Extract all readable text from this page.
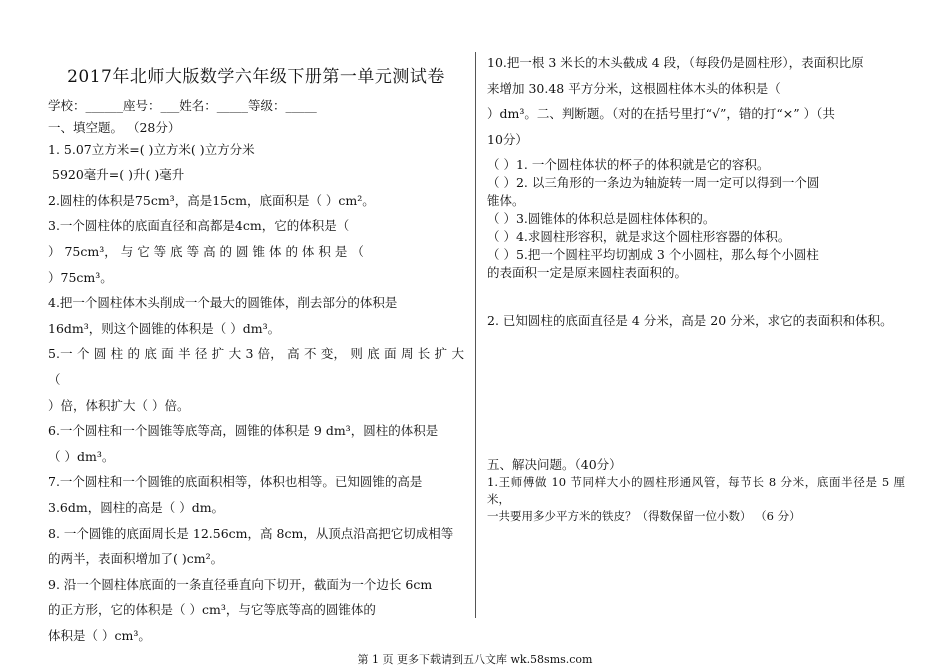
2017年北师大版数学六年级下册第一单元测试卷
学校：______座号：___姓名：_____等级：_____
一、填空题。 （28分）
1. 5.07立方米=( )立方米( )立方分米
5920毫升=( )升( )毫升
2.圆柱的体积是75cm³，高是15cm，底面积是（ ）cm²。
3.一个圆柱体的底面直径和高都是4cm，它的体积是（
） 75cm³， 与 它 等 底 等 高 的 圆 锥 体 的 体 积 是 （
）75cm³。
4.把一个圆柱体木头削成一个最大的圆锥体，削去部分的体积是
16dm³，则这个圆锥的体积是（ ）dm³。
5.一 个 圆 柱 的 底 面 半 径 扩 大 3 倍， 高 不 变， 则 底 面 周 长 扩 大（
）倍，体积扩大（ ）倍。
6.一个圆柱和一个圆锥等底等高，圆锥的体积是 9 dm³，圆柱的体积是
（ ）dm³。
7.一个圆柱和一个圆锥的底面积相等，体积也相等。已知圆锥的高是
3.6dm，圆柱的高是（ ）dm。
8. 一个圆锥的底面周长是 12.56cm，高 8cm，从顶点沿高把它切成相等
的两半，表面积增加了( )cm²。
9. 沿一个圆柱体底面的一条直径垂直向下切开，截面为一个边长 6cm
的正方形，它的体积是（ ）cm³，与它等底等高的圆锥体的
体积是（ ）cm³。
10.把一根 3 米长的木头截成 4 段，（每段仍是圆柱形），表面积比原
来增加 30.48 平方分米，这根圆柱体木头的体积是（
）dm³。二、判断题。（对的在括号里打“√”，错的打“×” ）（共
10分）
（ ）1. 一个圆柱体状的杯子的体积就是它的容积。
（ ）2. 以三角形的一条边为轴旋转一周一定可以得到一个圆
锥体。
（ ）3.圆锥体的体积总是圆柱体体积的。
（ ）4.求圆柱形容积，就是求这个圆柱形容器的体积。
（ ）5.把一个圆柱平均切割成 3 个小圆柱，那么每个小圆柱
的表面积一定是原来圆柱表面积的。
2. 已知圆柱的底面直径是 4 分米，高是 20 分米，求它的表面积和体积。
五、解决问题。（40分）
1.王师傅做 10 节同样大小的圆柱形通风管，每节长 8 分米，底面半径是 5 厘米，
一共要用多少平方米的铁皮？（得数保留一位小数） （6 分）
第 1 页 更多下载请到五八文库 wk.58sms.com
